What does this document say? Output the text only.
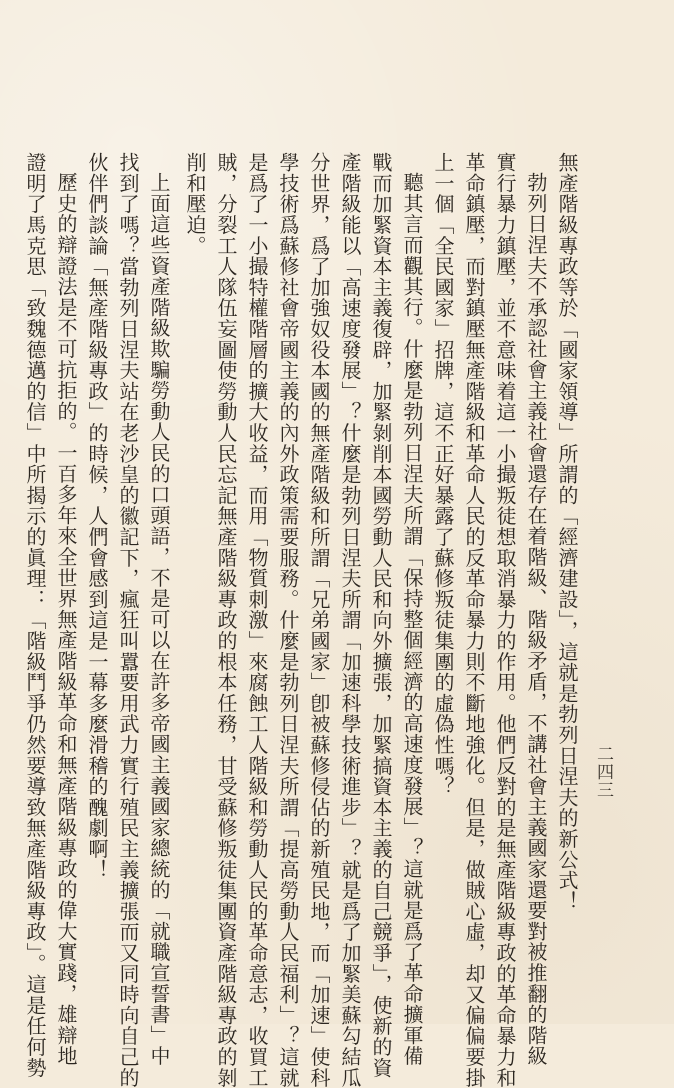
無產階級專政等於「國家領導」所謂的「經濟建設」，這就是勃列日涅夫的新公式！
勃列日涅夫不承認社會主義社會還存在着階級、階級矛盾，不講社會主義國家還要對被推翻的階級
實行暴力鎮壓，並不意味着這一小撮叛徒想取消暴力的作用。他們反對的是無產階級專政的革命暴力和
革命鎮壓，而對鎮壓無產階級和革命人民的反革命暴力則不斷地強化。但是，做賊心虛，却又偏偏要掛
上一個「全民國家」招牌，這不正好暴露了蘇修叛徒集團的虛偽性嗎？
聽其言而觀其行。什麼是勃列日涅夫所謂「保持整個經濟的高速度發展」？這就是爲了革命擴軍備
戰而加緊資本主義復辟，加緊剝削本國勞動人民和向外擴張，加緊搞資本主義的自己競爭」，使新的資
產階級能以「高速度發展」？什麼是勃列日涅夫所謂「加速科學技術進步」？就是爲了加緊美蘇勾結瓜
分世界，爲了加強奴役本國的無產階級和所謂「兄弟國家」卽被蘇修侵佔的新殖民地，而「加速」使科
學技術爲蘇修社會帝國主義的內外政策需要服務。什麼是勃列日涅夫所謂「提高勞動人民福利」？這就
是爲了一小撮特權階層的擴大收益，而用「物質刺激」來腐蝕工人階級和勞動人民的革命意志，收買工
賊，分裂工人隊伍妄圖使勞動人民忘記無產階級專政的根本任務，甘受蘇修叛徒集團資產階級專政的剝
削和壓迫。
上面這些資產階級欺騙勞動人民的口頭語，不是可以在許多帝國主義國家總統的「就職宣誓書」中
找到了嗎？當勃列日涅夫站在老沙皇的徽記下，瘋狂叫囂要用武力實行殖民主義擴張而又同時向自己的
伙伴們談論「無產階級專政」的時候，人們會感到這是一幕多麼滑稽的醜劇啊！
歷史的辯證法是不可抗拒的。一百多年來全世界無產階級革命和無產階級專政的偉大實踐，雄辯地
證明了馬克思「致魏德邁的信」中所揭示的眞理：「階級鬥爭仍然要導致無產階級專政」。這是任何勢	二四三
